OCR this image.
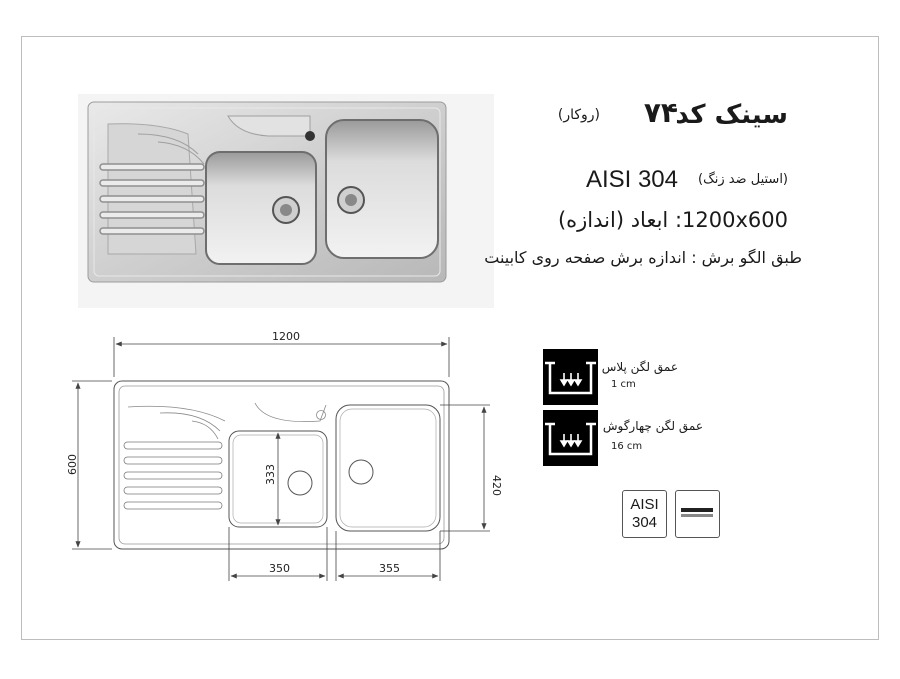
سینک کد
۷۴
(روکار)
AISI 304 (استیل ضد زنگ)
1200x600: ابعاد (اندازه)
طبق الگو برش : اندازه برش صفحه روی کابینت
1200
600
350	355
333
420
عمق لگن پلاس
1 cm
عمق لگن چهارگوش
16 cm
AISI
304
